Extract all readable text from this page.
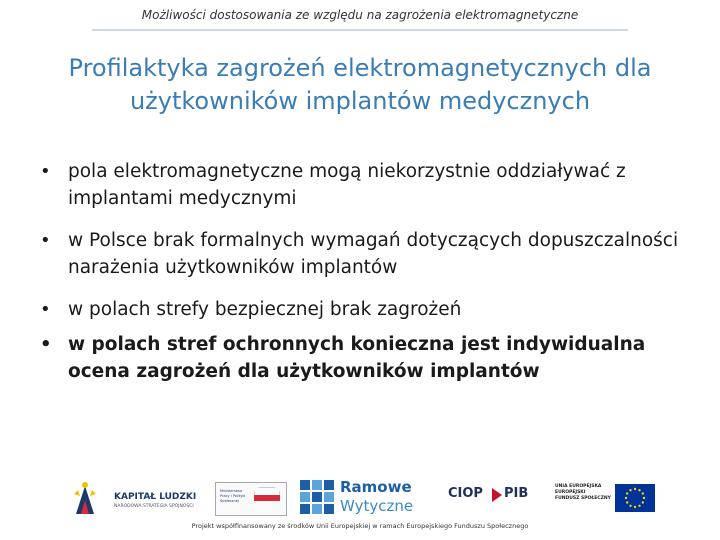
Możliwości dostosowania ze względu na zagrożenia elektromagnetyczne
Profilaktyka zagrożeń elektromagnetycznych dla użytkowników implantów medycznych
• pola elektromagnetyczne mogą niekorzystnie oddziaływać z implantami medycznymi
• w Polsce brak formalnych wymagań dotyczących dopuszczalności narażenia użytkowników implantów
• w polach strefy bezpiecznej brak zagrożeń
• w polach stref ochronnych konieczna jest indywidualna ocena zagrożeń dla użytkowników implantów
KAPITAŁ LUDZKI
NARODOWA STRATEGIA SPÓJNOŚCI
Ministerstwo Pracy i Polityki Społecznej
Ramowe
Wytyczne
CIOP PIB	UNIA EUROPEJSKA EUROPEJSKI FUNDUSZ SPOŁECZNY
Projekt współfinansowany ze środków Unii Europejskiej w ramach Europejskiego Funduszu Społecznego
